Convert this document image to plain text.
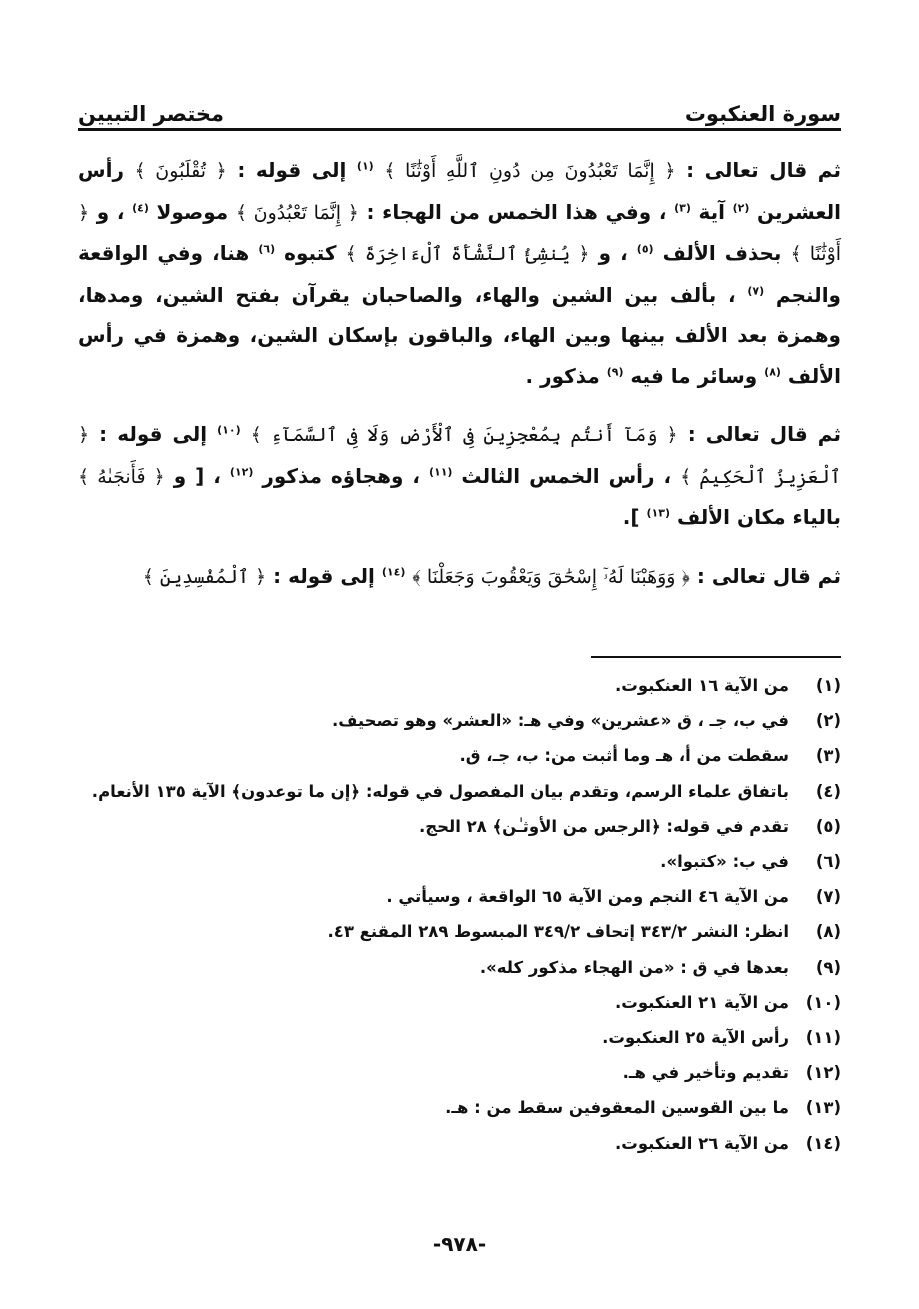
سورة العنكبوت
مختصر التبيين

ثم قال تعالى : ﴿ إِنَّمَا تَعْبُدُونَ مِن دُونِ ٱللَّهِ أَوْثَٰنًا ﴾ $^{(١)}$ إلى قوله : ﴿ تُقْلَبُونَ ﴾ رأس العشرين $^{(٢)}$ آية $^{(٣)}$ ، وفي هذا الخمس من الهجاء : ﴿ إِنَّمَا تَعْبُدُونَ ﴾ موصولا $^{(٤)}$ ، و ﴿ أَوْثَٰنًا ﴾ بحذف الألف $^{(٥)}$ ، و ﴿ يُنشِئُ ٱلنَّشْأَةَ ٱلْءَاخِرَةَ ﴾ كتبوه $^{(٦)}$ هنا، وفي الواقعة والنجم $^{(٧)}$ ، بألف بين الشين والهاء، والصاحبان يقرآن بفتح الشين، ومدها، وهمزة بعد الألف بينها وبين الهاء، والباقون بإسكان الشين، وهمزة في رأس الألف $^{(٨)}$ وسائر ما فيه $^{(٩)}$ مذكور .

ثم قال تعالى : ﴿ وَمَآ أَنتُم بِمُعْجِزِينَ فِى ٱلْأَرْضِ وَلَا فِى ٱلسَّمَآءِ ﴾ $^{(١٠)}$ إلى قوله : ﴿ ٱلْعَزِيزُ ٱلْحَكِيمُ ﴾ ، رأس الخمس الثالث $^{(١١)}$ ، وهجاؤه مذكور $^{(١٢)}$ ، [ و ﴿ فَأَنجَىٰهُ ﴾ بالياء مكان الألف $^{(١٣)}$ ].

ثم قال تعالى : ﴿ وَوَهَبْنَا لَهُۥٓ إِسْحَٰقَ وَيَعْقُوبَ وَجَعَلْنَا ﴾ $^{(١٤)}$ إلى قوله : ﴿ ٱلْمُفْسِدِينَ ﴾

(١)
من الآية ١٦ العنكبوت.
(٢)
في ب، جـ ، ق «عشرين» وفي هـ: «العشر» وهو تصحيف.
(٣)
سقطت من أ، هـ وما أثبت من: ب، جـ، ق.
(٤)
باتفاق علماء الرسم، وتقدم بيان المفصول في قوله: ﴿إن ما توعدون﴾ الآية ١٣٥ الأنعام.
(٥)
تقدم في قوله: ﴿الرجس من الأوثـٰن﴾ ٢٨ الحج.
(٦)
في ب: «كتبوا».
(٧)
من الآية ٤٦ النجم ومن الآية ٦٥ الواقعة ، وسيأتي .
(٨)
انظر: النشر ٣٤٣/٢ إتحاف ٣٤٩/٢ المبسوط ٢٨٩ المقنع ٤٣.
(٩)
بعدها في ق : «من الهجاء مذكور كله».
(١٠)
من الآية ٢١ العنكبوت.
(١١)
رأس الآية ٢٥ العنكبوت.
(١٢)
تقديم وتأخير في هـ.
(١٣)
ما بين القوسين المعقوفين سقط من : هـ.
(١٤)
من الآية ٢٦ العنكبوت.
-٩٧٨-
